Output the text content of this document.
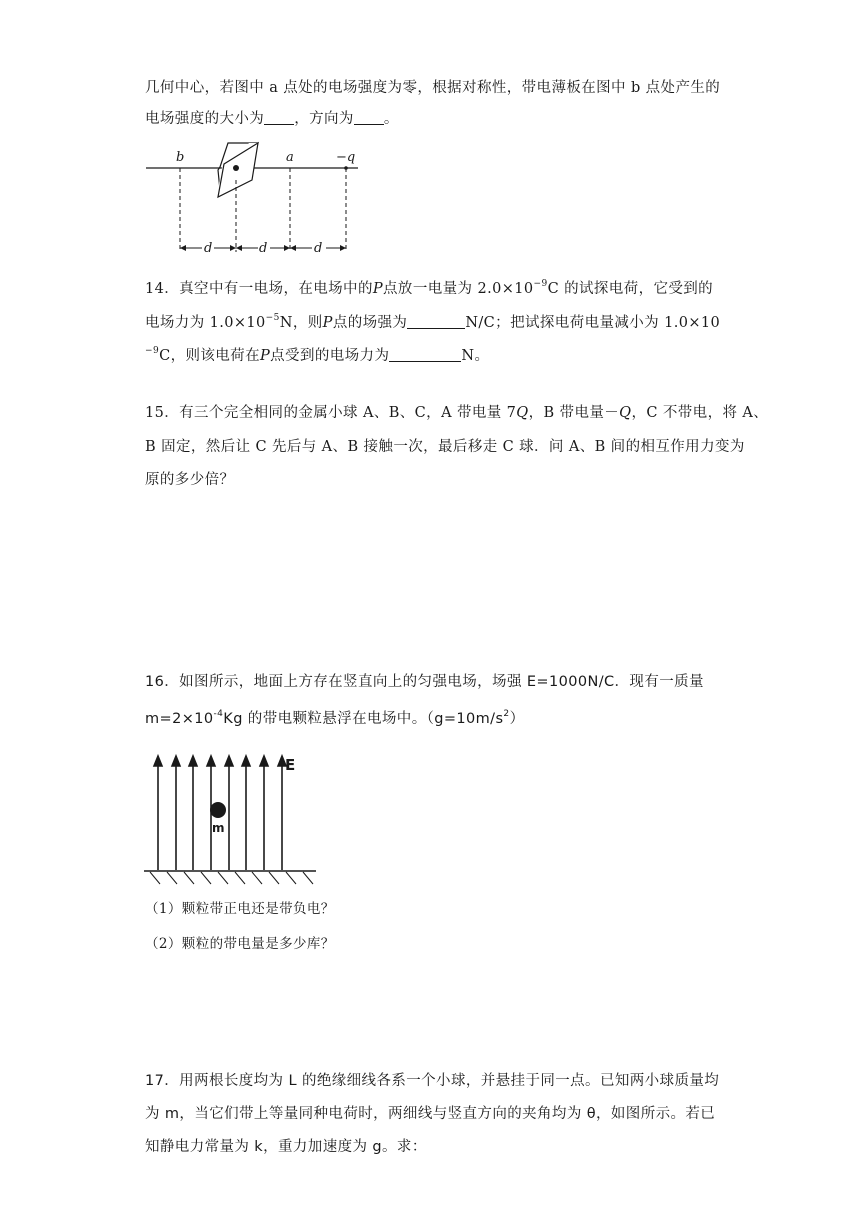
几何中心，若图中 a 点处的电场强度为零，根据对称性，带电薄板在图中 b 点处产生的
电场强度的大小为 ，方向为 。
b	a	−q
d	d	d
14．真空中有一电场，在电场中的P点放一电量为 $2.0\times 10^{-9}C$ 的试探电荷，它受到的
电场力为 $1.0\times 10^{-5}N$，则P点的场强为	N/C；把试探电荷电量减小为 1.0×10
$^{-9}$C，则该电荷在P点受到的电场力为	N。
15．有三个完全相同的金属小球 A、B、C，A 带电量 7Q，B 带电量－Q，C 不带电，将 A、
B 固定，然后让 C 先后与 A、B 接触一次，最后移走 C 球．问 A、B 间的相互作用力变为
原的多少倍？
16．如图所示，地面上方存在竖直向上的匀强电场，场强 E=1000N/C．现有一质量
$m=2\times 10^{-4}Kg$ 的带电颗粒悬浮在电场中。$(g=10m/s^2)$
m
E
（1）颗粒带正电还是带负电？
（2）颗粒的带电量是多少库？
17．用两根长度均为 L 的绝缘细线各系一个小球，并悬挂于同一点。已知两小球质量均
为 m，当它们带上等量同种电荷时，两细线与竖直方向的夹角均为 θ，如图所示。若已
知静电力常量为 k，重力加速度为 g。求：
